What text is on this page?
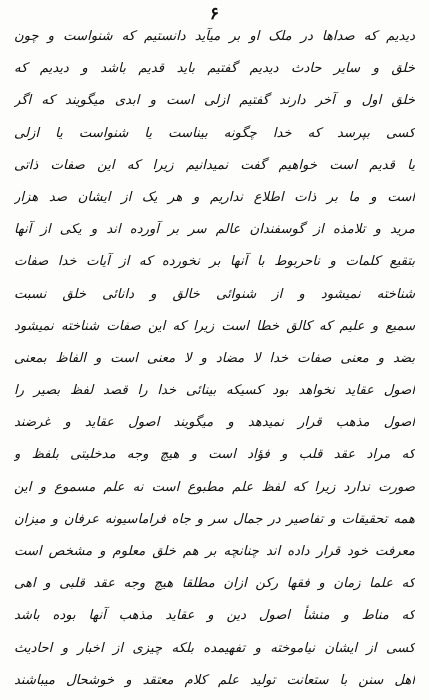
۶
دیدیم که صداها در ملک او بر میآید دانستیم که شنواست و چون
خلق و سایر حادث دیدیم گفتیم باید قدیم باشد و دیدیم که
خلق اول و آخر دارند گفتیم ازلی است و ابدی میگویند که اگر
کسی بپرسد که خدا چگونه بیناست یا شنواست یا ازلی
یا قدیم است خواهیم گفت نمیدانیم زیرا که این صفات ذاتی
است و ما بر ذات اطلاع نداریم و هر یک از ایشان صد هزار
مرید و تلامذه از گوسفندان عالم سر بر آورده اند و یکی از آنها
بتقیع کلمات و ناحربوط با آنها بر نخورده که از آیات خدا صفات
شناخته نمیشود و از شنوائی خالق و دانائی خلق نسبت
سمیع و علیم که کالق خطا است زیرا که این صفات شناخته نمیشود
بضد و معنی صفات خدا لا مضاد و لا معنی است و الفاظ بمعنی
اصول عقاید نخواهد بود کسیکه بینائی خدا را قصد لفظ بصیر را
اصول مذهب قرار نمیدهد و میگویند اصول عقاید و غرضند
که مراد عقد قلب و فؤاد است و هیچ وجه مدخلیتی بلفظ و
صورت ندارد زیرا که لفظ علم مطبوع است نه علم مسموع و این
همه تحقیقات و تفاصیر در جمال سر و جاه فراماسیونه عرفان و میزان
معرفت خود قرار داده اند چنانچه بر هم خلق معلوم و مشخص است
که علما زمان و فقها رکن ازان مطلقا هیچ وجه عقد قلبی و اهی
که مناط و منشأ اصول دین و عقاید مذهب آنها بوده باشد
کسی از ایشان نیاموخته و تفهیمده بلکه چیزی از اخبار و احادیث
اهل سنن با ستعانت تولید علم کلام معتقد و خوشحال میباشند
